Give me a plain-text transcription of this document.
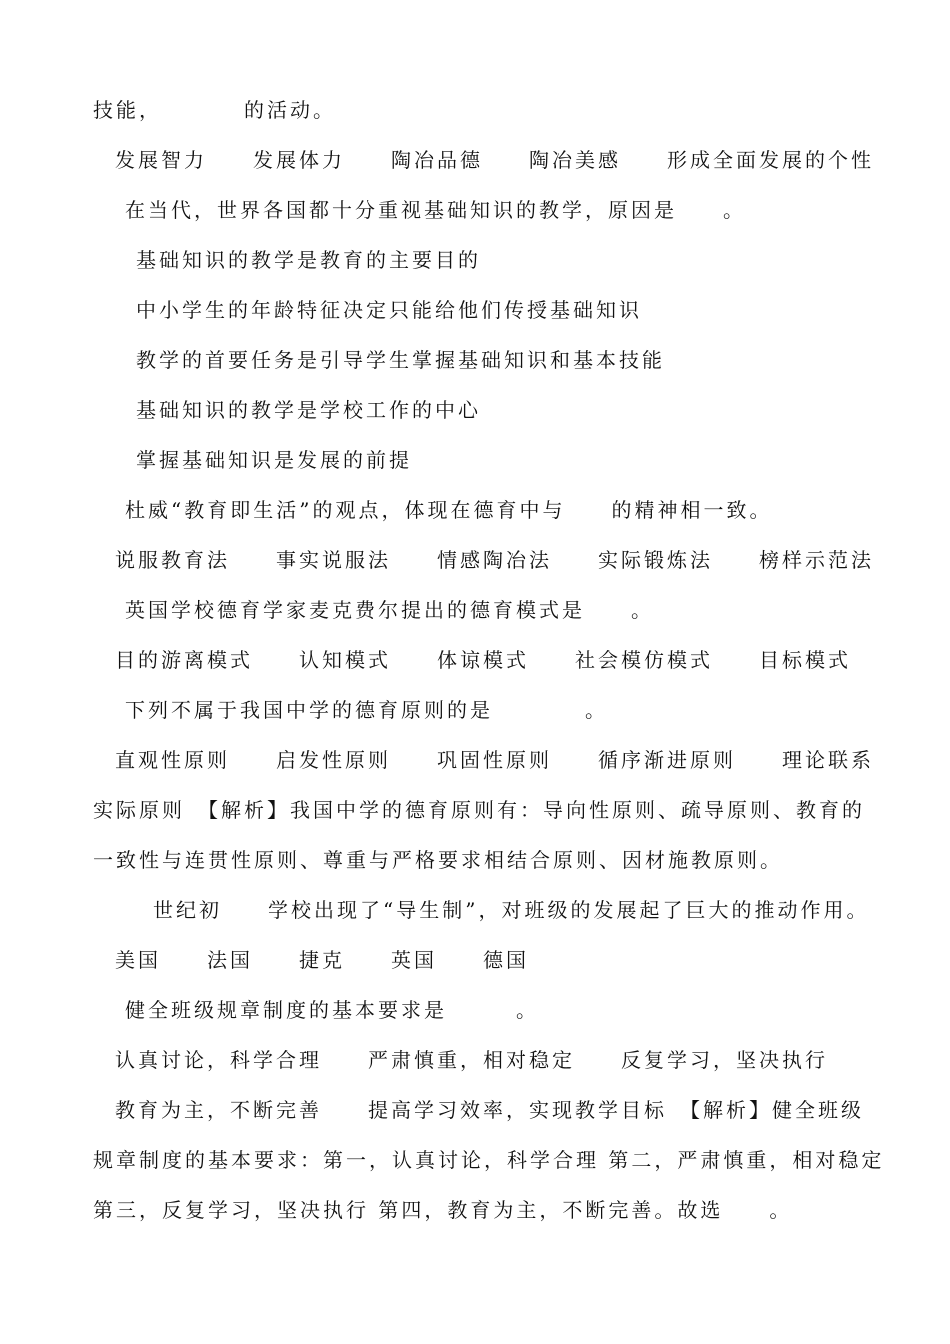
技能，　　　　的活动。
发展智力　　发展体力　　陶冶品德　　陶冶美感　　形成全面发展的个性
在当代，世界各国都十分重视基础知识的教学，原因是　　。
基础知识的教学是教育的主要目的
中小学生的年龄特征决定只能给他们传授基础知识
教学的首要任务是引导学生掌握基础知识和基本技能
基础知识的教学是学校工作的中心
掌握基础知识是发展的前提
杜威“教育即生活”的观点，体现在德育中与　　的精神相一致。
说服教育法　　事实说服法　　情感陶冶法　　实际锻炼法　　榜样示范法
英国学校德育学家麦克费尔提出的德育模式是　　。
目的游离模式　　认知模式　　体谅模式　　社会模仿模式　　目标模式
下列不属于我国中学的德育原则的是　　　　。
直观性原则　　启发性原则　　巩固性原则　　循序渐进原则　　理论联系
实际原则　【解析】我国中学的德育原则有：导向性原则、疏导原则、教育的
一致性与连贯性原则、尊重与严格要求相结合原则、因材施教原则。
世纪初　　学校出现了“导生制”，对班级的发展起了巨大的推动作用。
美国　　法国　　捷克　　英国　　德国
健全班级规章制度的基本要求是　　　。
认真讨论，科学合理　　严肃慎重，相对稳定　　反复学习，坚决执行
教育为主，不断完善　　提高学习效率，实现教学目标　【解析】健全班级
规章制度的基本要求：第一，认真讨论，科学合理 第二，严肃慎重，相对稳定
第三，反复学习，坚决执行 第四，教育为主，不断完善。故选　　。
